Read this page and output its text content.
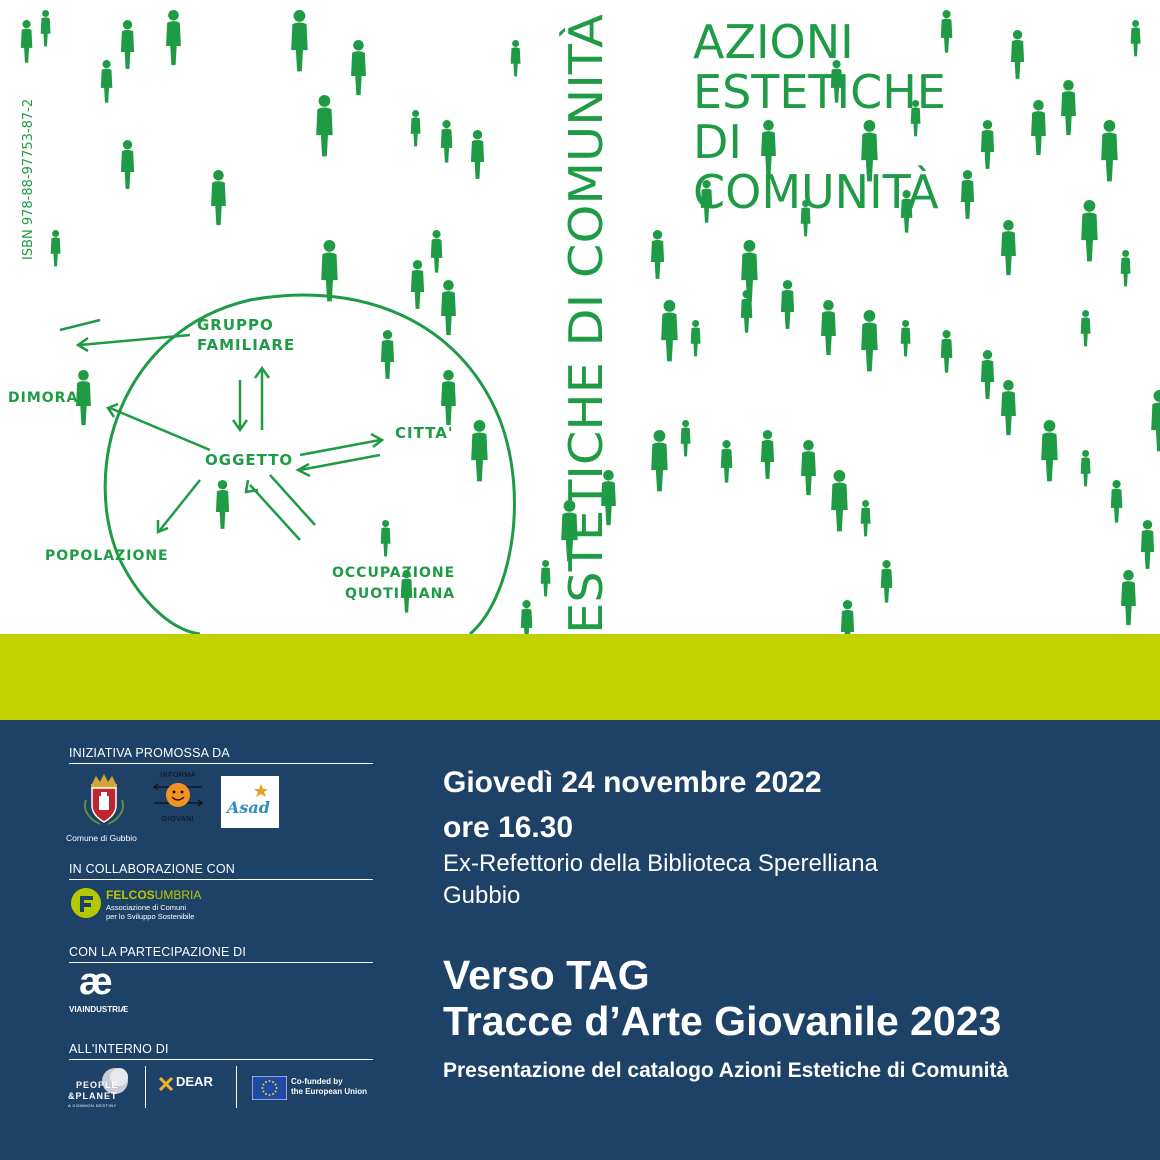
GRUPPO
FAMILIARE
DIMORA
OGGETTO
CITTA'
POPOLAZIONE
OCCUPAZIONE
QUOTIDIANA
ISBN 978-88-97753-87-2	ESTETICHE DI COMUNITÀ
AZIONI
ESTETICHE
DI
COMUNITÀ
INIZIATIVA PROMOSSA DA
Comune di Gubbio
INFORMA
GIOVANI
Asad
IN COLLABORAZIONE CON
FELCOSUMBRIA
Associazione di Comuni
per lo Sviluppo Sostenibile
CON LA PARTECIPAZIONE DI
æ
VIAINDUSTRIÆ
ALL'INTERNO DI
PEOPLE
&PLANET
A COMMON DESTINY
DEAR	Co-funded by
the European Union
Giovedì 24 novembre 2022
ore 16.30
Ex-Refettorio della Biblioteca Sperelliana
Gubbio
Verso TAG
Tracce d’Arte Giovanile 2023
Presentazione del catalogo Azioni Estetiche di Comunità
